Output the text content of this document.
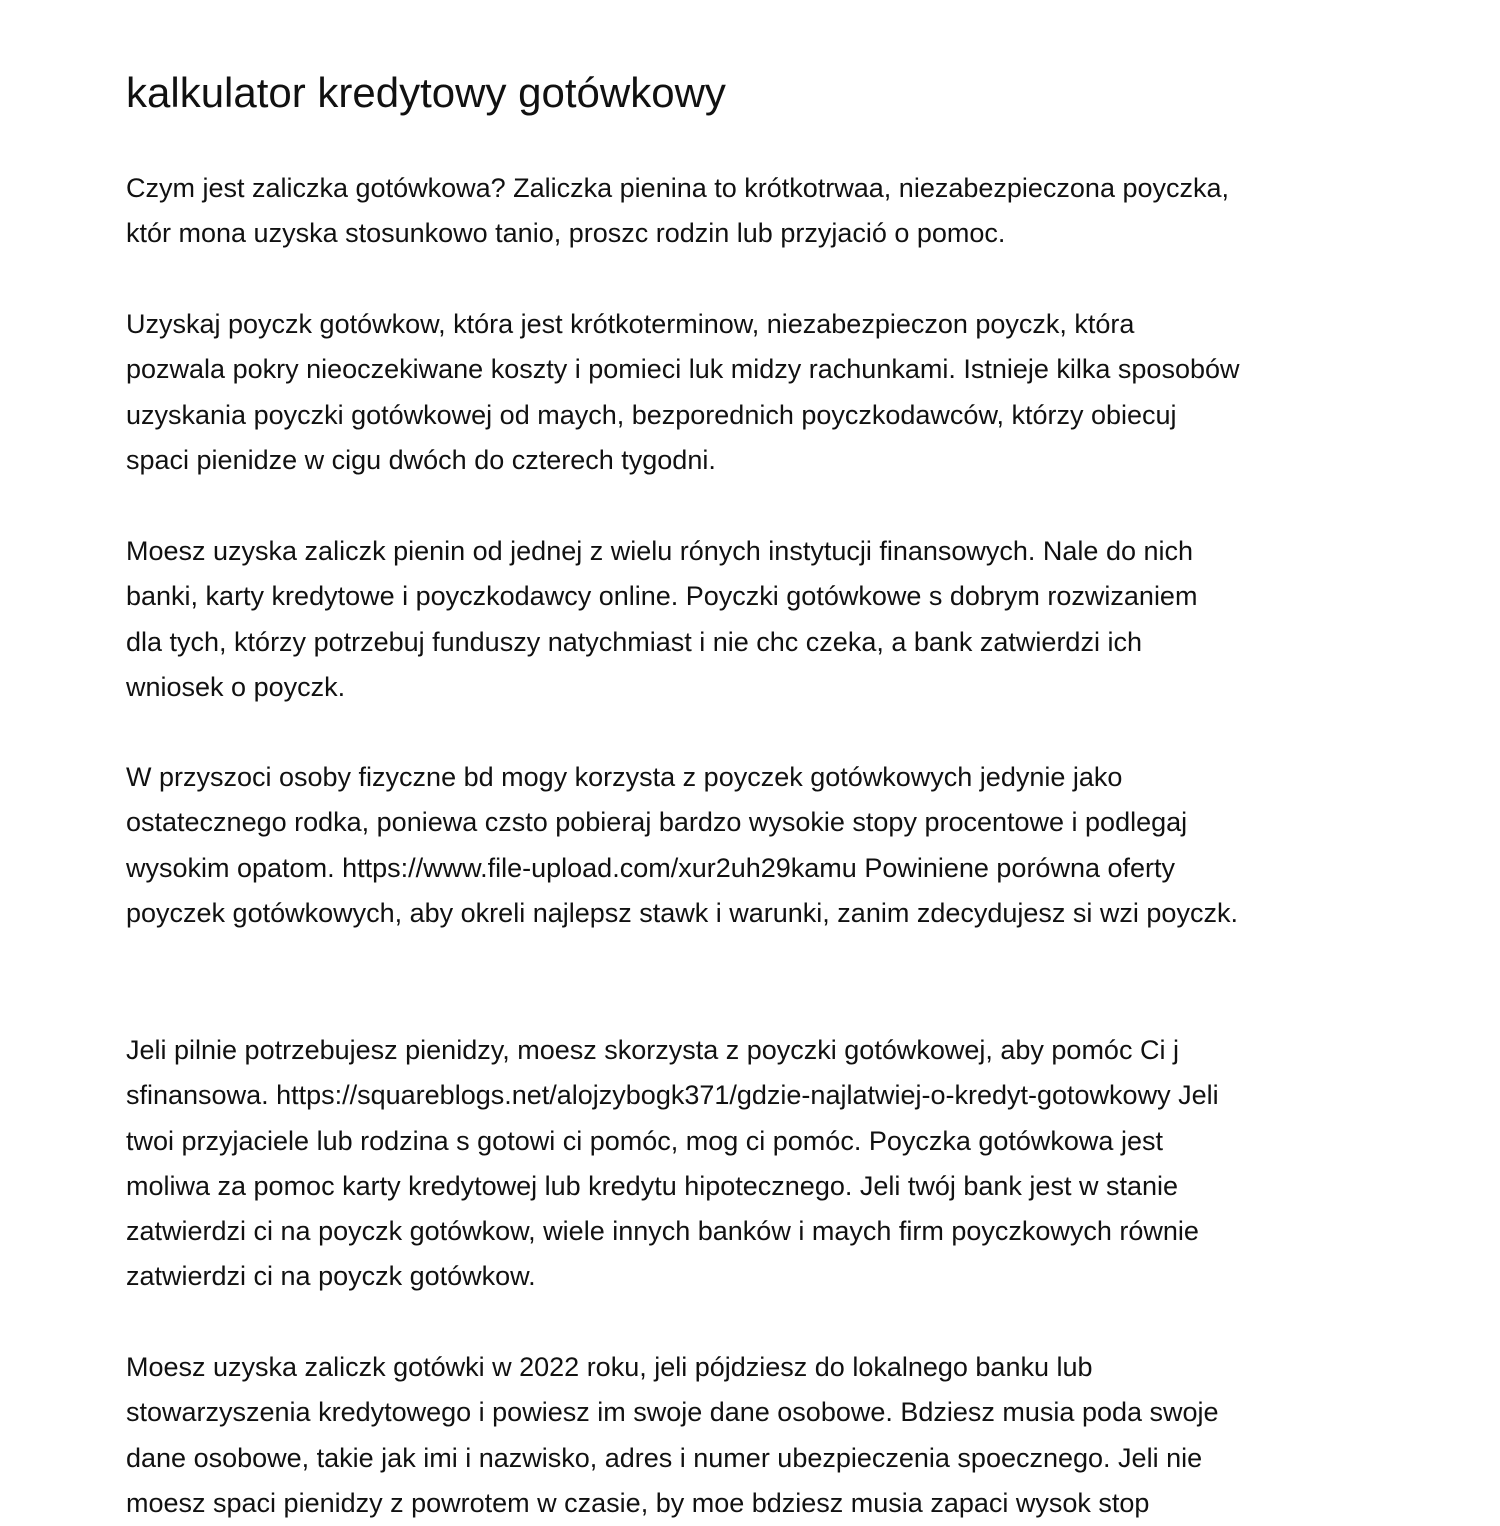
kalkulator kredytowy gotówkowy

Czym jest zaliczka gotówkowa? Zaliczka pienina to krótkotrwaa, niezabezpieczona poyczka,
któr mona uzyska stosunkowo tanio, proszc rodzin lub przyjació o pomoc.

Uzyskaj poyczk gotówkow, która jest krótkoterminow, niezabezpieczon poyczk, która
pozwala pokry nieoczekiwane koszty i pomieci luk midzy rachunkami. Istnieje kilka sposobów
uzyskania poyczki gotówkowej od maych, bezporednich poyczkodawców, którzy obiecuj
spaci pienidze w cigu dwóch do czterech tygodni.

Moesz uzyska zaliczk pienin od jednej z wielu rónych instytucji finansowych. Nale do nich
banki, karty kredytowe i poyczkodawcy online. Poyczki gotówkowe s dobrym rozwizaniem
dla tych, którzy potrzebuj funduszy natychmiast i nie chc czeka, a bank zatwierdzi ich
wniosek o poyczk.

W przyszoci osoby fizyczne bd mogy korzysta z poyczek gotówkowych jedynie jako
ostatecznego rodka, poniewa czsto pobieraj bardzo wysokie stopy procentowe i podlegaj
wysokim opatom. https://www.file-upload.com/xur2uh29kamu Powiniene porówna oferty
poyczek gotówkowych, aby okreli najlepsz stawk i warunki, zanim zdecydujesz si wzi poyczk.

Jeli pilnie potrzebujesz pienidzy, moesz skorzysta z poyczki gotówkowej, aby pomóc Ci j
sfinansowa. https://squareblogs.net/alojzybogk371/gdzie-najlatwiej-o-kredyt-gotowkowy Jeli
twoi przyjaciele lub rodzina s gotowi ci pomóc, mog ci pomóc. Poyczka gotówkowa jest
moliwa za pomoc karty kredytowej lub kredytu hipotecznego. Jeli twój bank jest w stanie
zatwierdzi ci na poyczk gotówkow, wiele innych banków i maych firm poyczkowych równie
zatwierdzi ci na poyczk gotówkow.

Moesz uzyska zaliczk gotówki w 2022 roku, jeli pójdziesz do lokalnego banku lub
stowarzyszenia kredytowego i powiesz im swoje dane osobowe. Bdziesz musia poda swoje
dane osobowe, takie jak imi i nazwisko, adres i numer ubezpieczenia spoecznego. Jeli nie
moesz spaci pienidzy z powrotem w czasie, by moe bdziesz musia zapaci wysok stop
